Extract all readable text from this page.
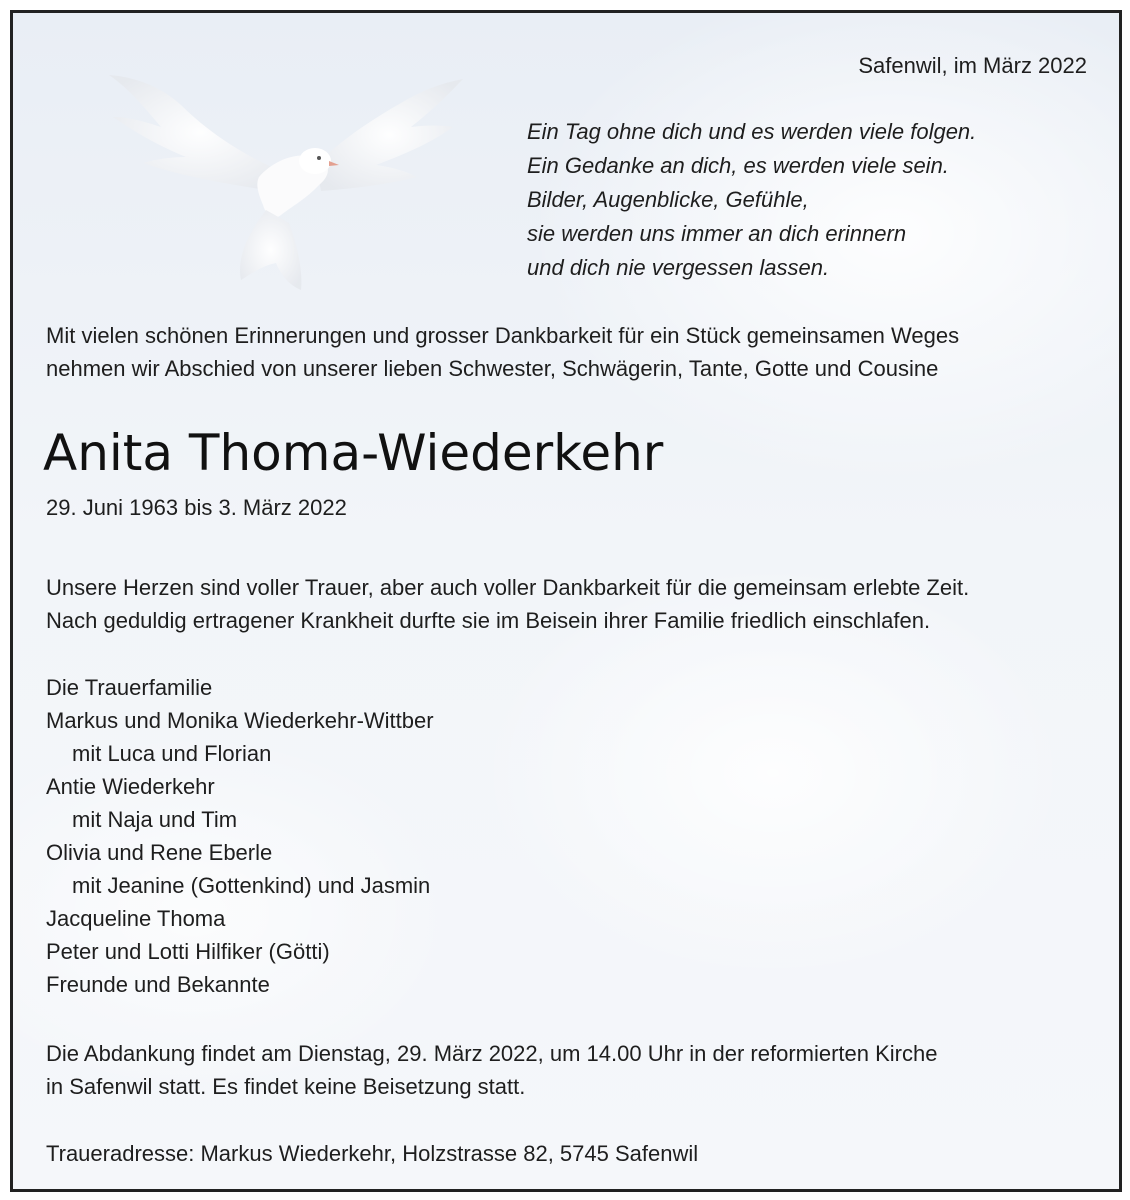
Safenwil, im März 2022
Ein Tag ohne dich und es werden viele folgen.
Ein Gedanke an dich, es werden viele sein.
Bilder, Augenblicke, Gefühle,
sie werden uns immer an dich erinnern
und dich nie vergessen lassen.
Mit vielen schönen Erinnerungen und grosser Dankbarkeit für ein Stück gemeinsamen Weges
nehmen wir Abschied von unserer lieben Schwester, Schwägerin, Tante, Gotte und Cousine
Anita Thoma-Wiederkehr
29. Juni 1963 bis 3. März 2022
Unsere Herzen sind voller Trauer, aber auch voller Dankbarkeit für die gemeinsam erlebte Zeit.
Nach geduldig ertragener Krankheit durfte sie im Beisein ihrer Familie friedlich einschlafen.
Die Trauerfamilie
Markus und Monika Wiederkehr-Wittber
mit Luca und Florian
Antie Wiederkehr
mit Naja und Tim
Olivia und Rene Eberle
mit Jeanine (Gottenkind) und Jasmin
Jacqueline Thoma
Peter und Lotti Hilfiker (Götti)
Freunde und Bekannte
Die Abdankung findet am Dienstag, 29. März 2022, um 14.00 Uhr in der reformierten Kirche
in Safenwil statt. Es findet keine Beisetzung statt.
Traueradresse: Markus Wiederkehr, Holzstrasse 82, 5745 Safenwil
